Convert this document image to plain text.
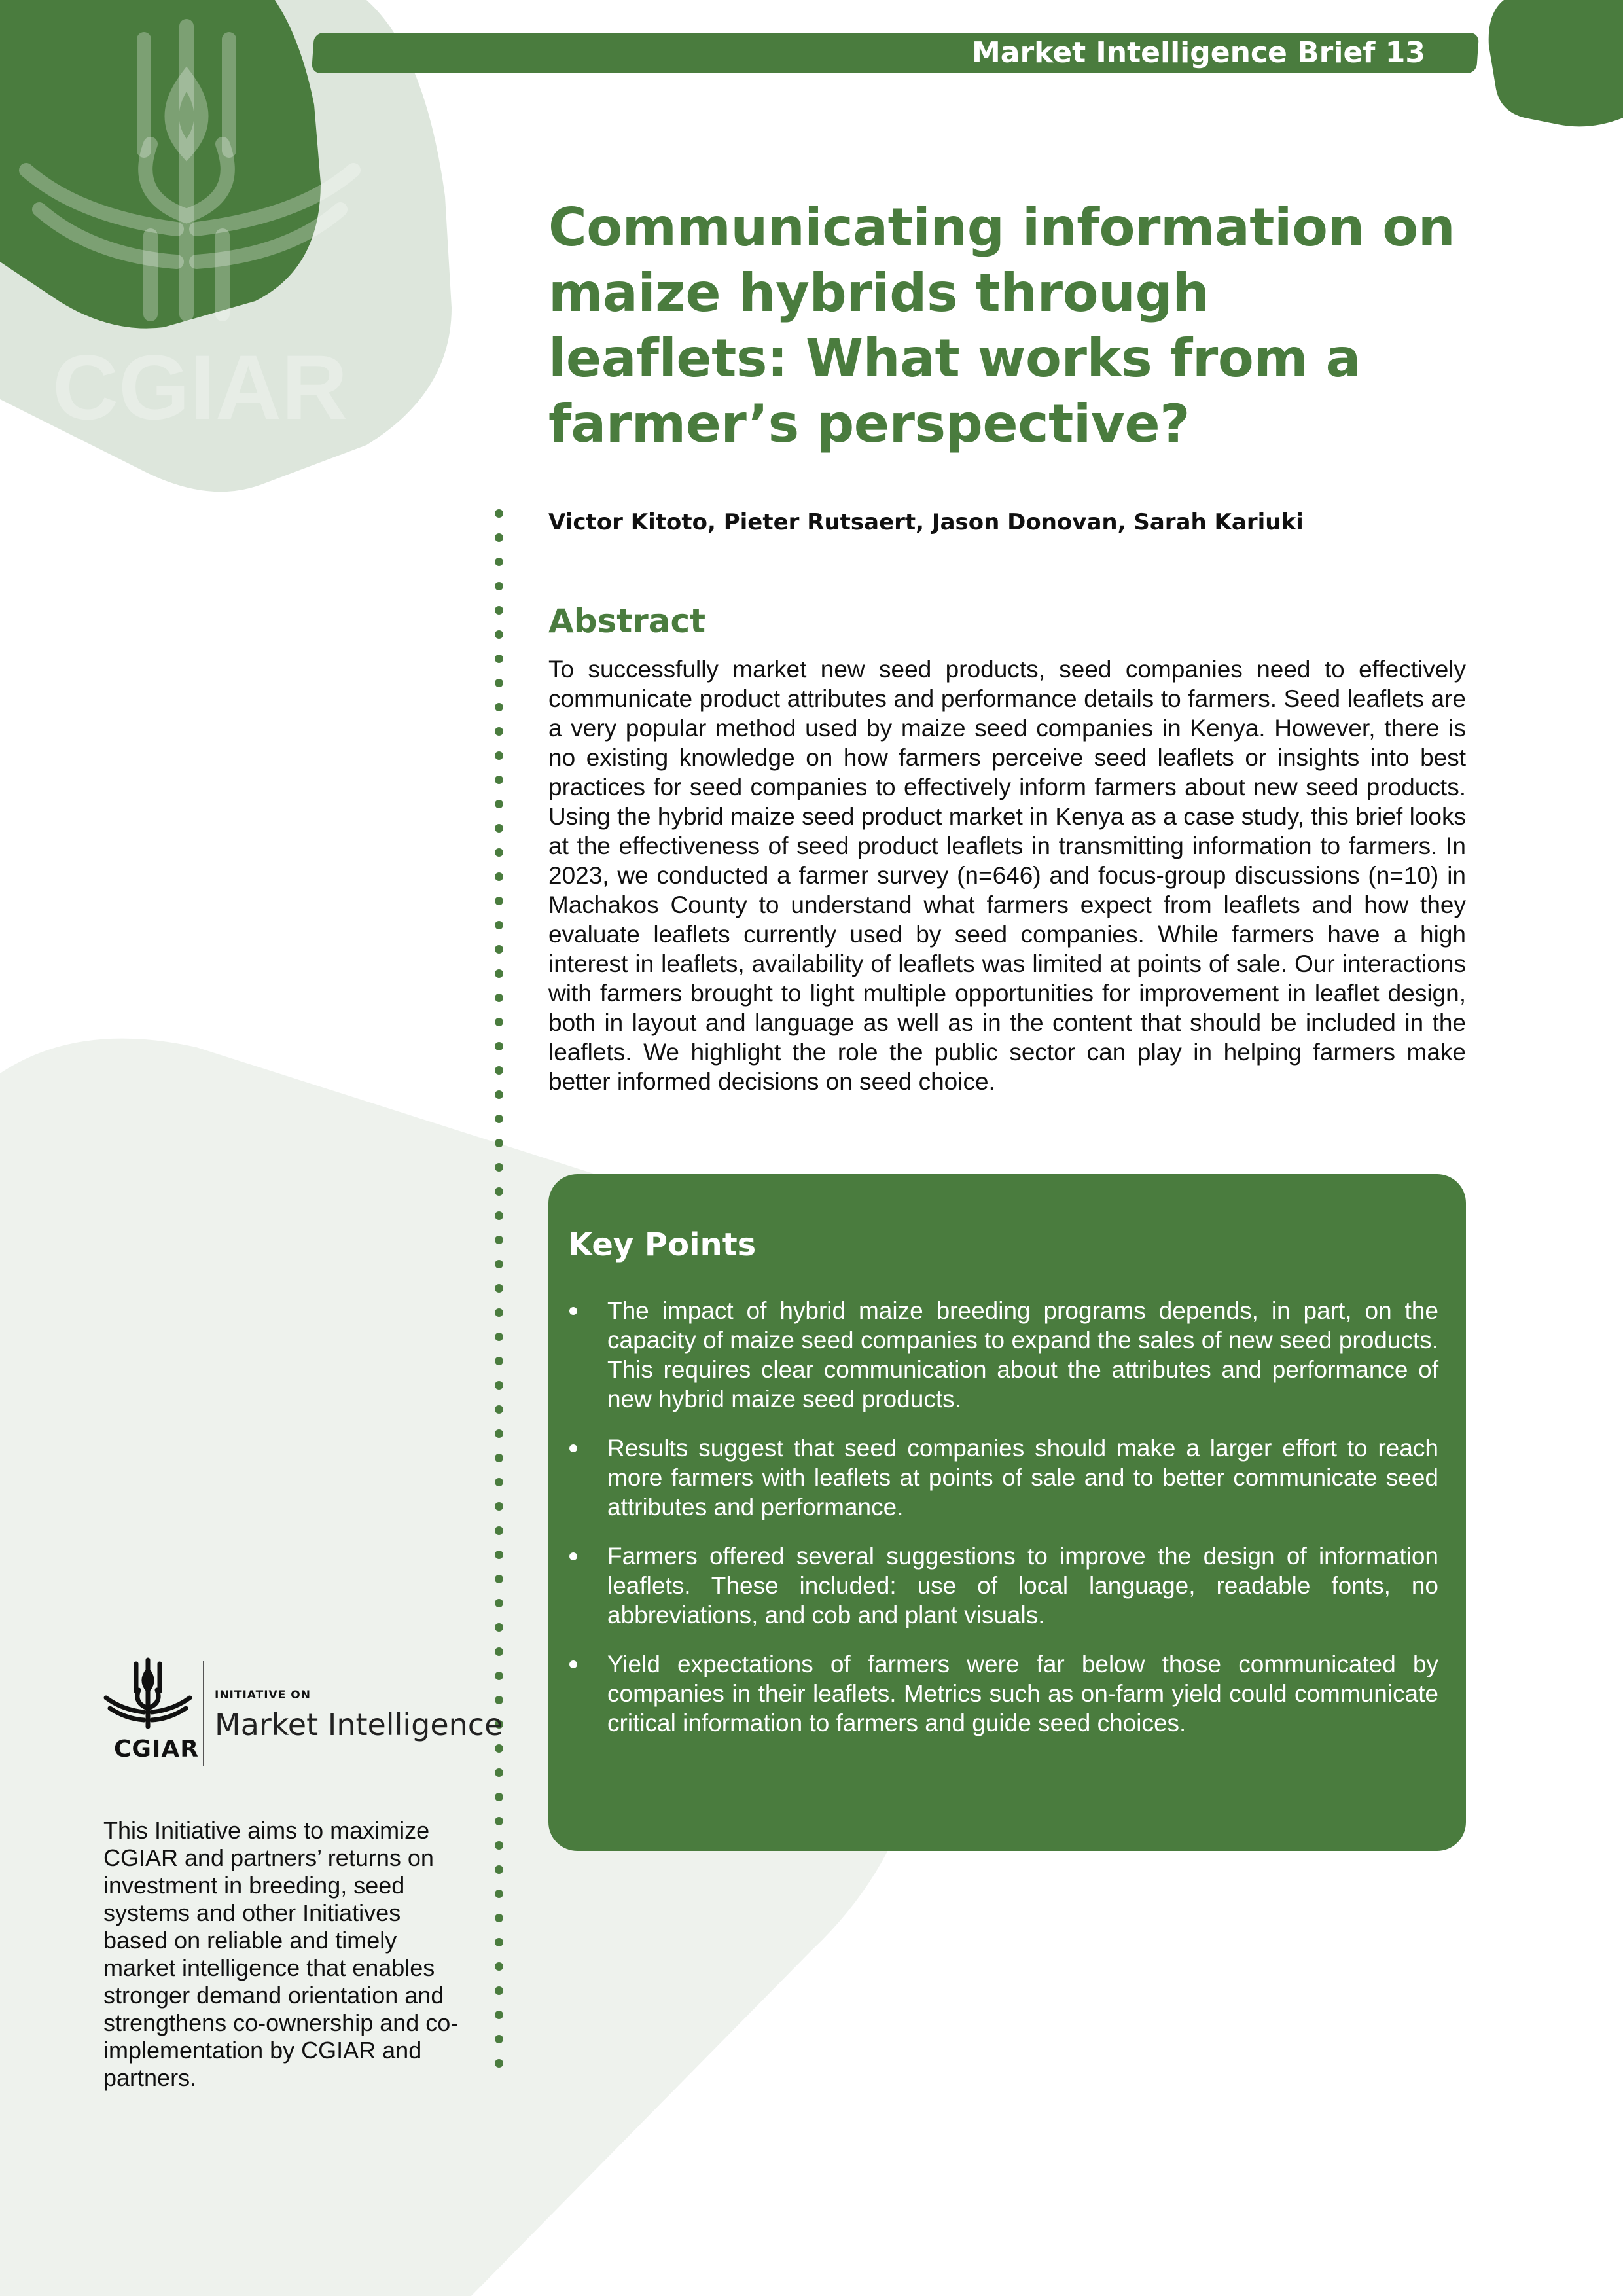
CGIAR
Market Intelligence Brief 13
Communicating information on maize hybrids through leaflets: What works from a farmer’s perspective?
Victor Kitoto, Pieter Rutsaert, Jason Donovan, Sarah Kariuki
Abstract

To successfully market new seed products, seed companies need to effectively communicate product attributes and performance details to farmers. Seed leaflets are a very popular method used by maize seed companies in Kenya. However, there is no existing knowledge on how farmers perceive seed leaflets or insights into best practices for seed companies to effectively inform farmers about new seed products. Using the hybrid maize seed product market in Kenya as a case study, this brief looks at the effectiveness of seed product leaflets in transmitting information to farmers. In 2023, we conducted a farmer survey (n=646) and focus-group discussions (n=10) in Machakos County to understand what farmers expect from leaflets and how they evaluate leaflets currently used by seed companies. While farmers have a high interest in leaflets, availability of leaflets was limited at points of sale. Our interactions with farmers brought to light multiple opportunities for improvement in leaflet design, both in layout and language as well as in the content that should be included in the leaflets. We highlight the role the public sector can play in helping farmers make better informed decisions on seed choice.

Key Points
The impact of hybrid maize breeding programs depends, in part, on the capacity of maize seed companies to expand the sales of new seed products. This requires clear communication about the attributes and performance of new hybrid maize seed products.
Results suggest that seed companies should make a larger effort to reach more farmers with leaflets at points of sale and to better communicate seed attributes and performance.
Farmers offered several suggestions to improve the design of information leaflets. These included: use of local language, readable fonts, no abbreviations, and cob and plant visuals.
Yield expectations of farmers were far below those communicated by companies in their leaflets. Metrics such as on-farm yield could communicate critical information to farmers and guide seed choices.
CGIAR
INITIATIVE ON
Market Intelligence

This Initiative aims to maximize CGIAR and partners’ returns on investment in breeding, seed systems and other Initiatives based on reliable and timely market intelligence that enables stronger demand orientation and strengthens co-ownership and co-implementation by CGIAR and partners.
